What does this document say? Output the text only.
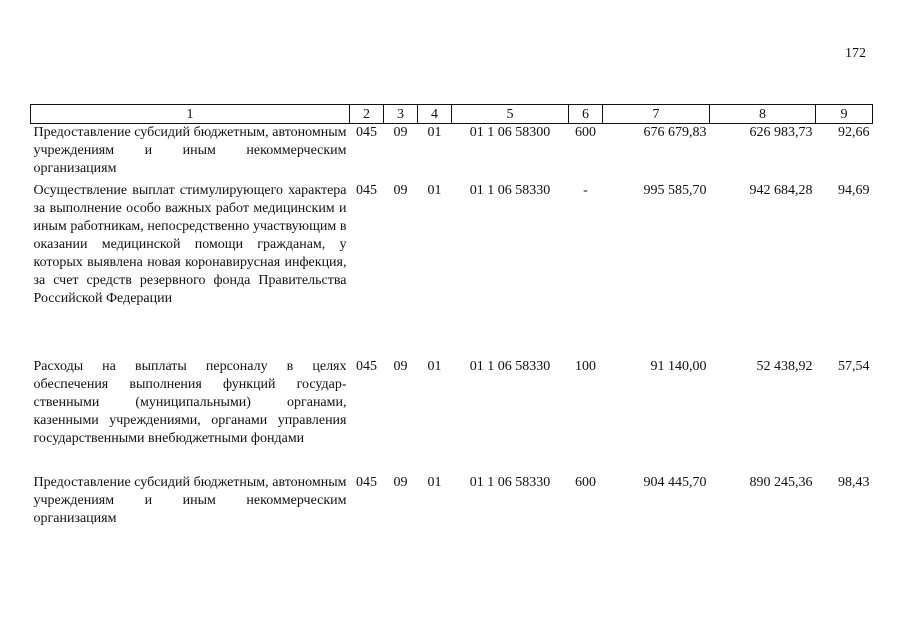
172
1	2	3	4	5	6	7	8	9
Предоставление субсидий бюджетным, автономным учреждениям и иным некоммерческим организациям	045	09	01	01 1 06 58300	600	676 679,83	626 983,73	92,66
Осуществление выплат стимулирующего характера за выполнение особо важных работ медицинским и иным работникам, непосредственно участвующим в оказании медицинской помощи гражданам, у которых выявлена новая коронавирусная инфекция, за счет средств резервного фонда Правительства Российской Федерации	045	09	01	01 1 06 58330	-	995 585,70	942 684,28	94,69
Расходы на выплаты персоналу в целях обеспечения выполнения функций государ-ственными (муниципальными) органами, казенными учреждениями, органами управления государственными внебюджетными фондами	045	09	01	01 1 06 58330	100	91 140,00	52 438,92	57,54
Предоставление субсидий бюджетным, автономным учреждениям и иным некоммерческим организациям	045	09	01	01 1 06 58330	600	904 445,70	890 245,36	98,43
